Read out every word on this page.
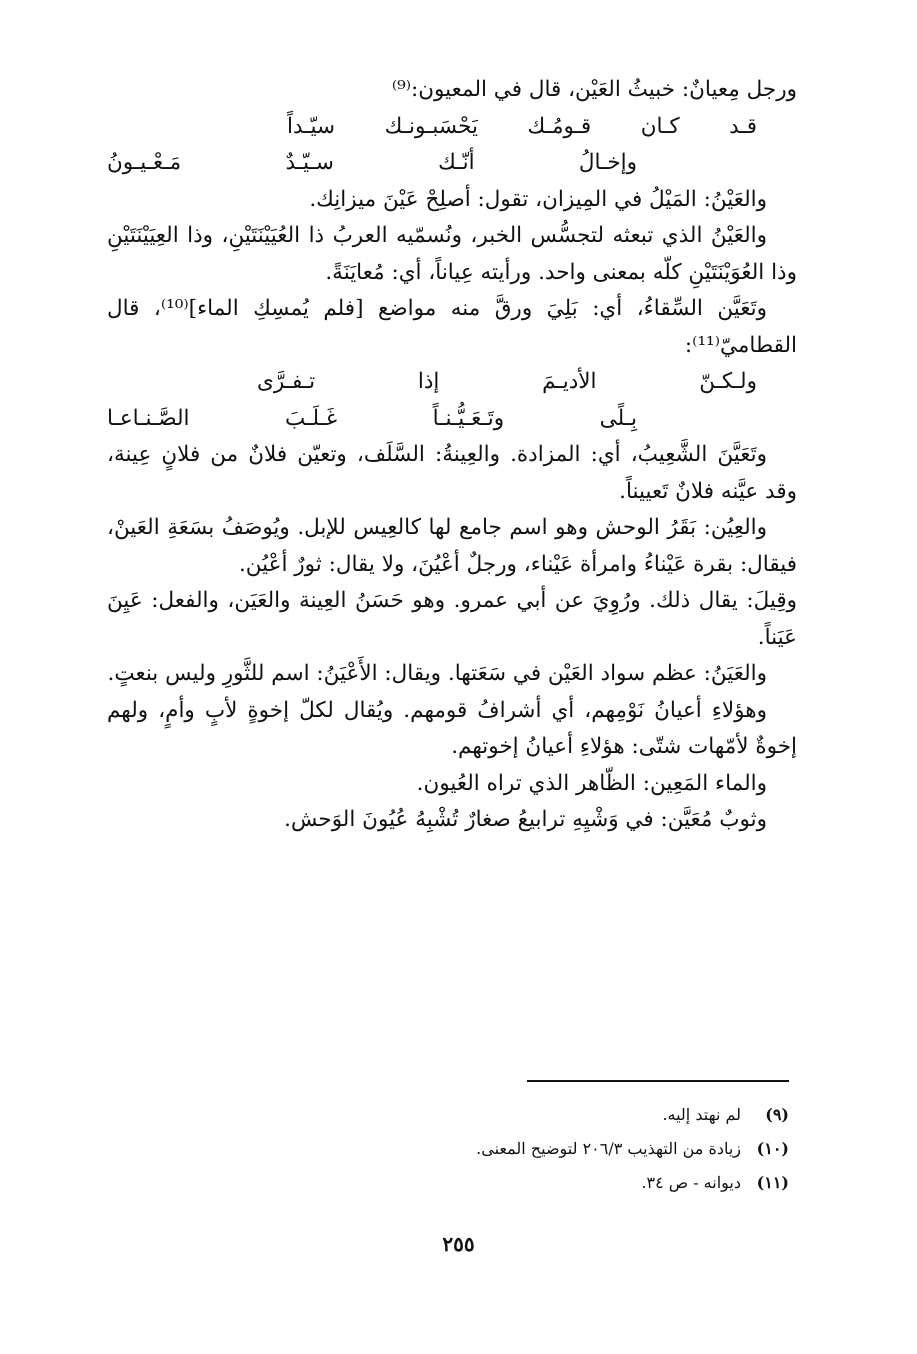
ورجل مِعيانٌ: خبيثُ العَيْن، قال في المعيون:⁽⁹⁾

قـد كـان قـومُـك يَحْسَبـونـك سيّـداً

وإخـالُ أنّـك سـيّـدٌ مَـعْـيـونُ

والعَيْنُ: المَيْلُ في المِيزان، تقول: أصلِحْ عَيْنَ ميزانِك.

والعَيْنُ الذي تبعثه لتجسُّس الخبر، ونُسمّيه العربُ ذا العُيَيْنَتَيْنِ، وذا العِيَيْنَتَيْنِ وذا العُوَيْنَتَيْنِ كلّه بمعنى واحد. ورأيته عِياناً، أي: مُعايَنَةً.

وتَعَيَّن السِّقاءُ، أي: بَلِيَ ورقَّ منه مواضع [فلم يُمسِكِ الماء]⁽¹⁰⁾، قال القطاميّ⁽¹¹⁾:

ولـكـنّ الأديـمَ إذا تـفـرَّى

بِـلًى وتَـعَـيُّـنـاً غَـلَـبَ الصَّـنـاعـا

وتَعَيَّنَ الشَّعِيبُ، أي: المزادة. والعِينةُ: السَّلَف، وتعيّن فلانٌ من فلانٍ عِينة، وقد عيَّنه فلانٌ تَعييناً.

والعِيُن: بَقَرُ الوحش وهو اسم جامع لها كالعِيس للإبل. ويُوصَفُ بسَعَةِ العَينْ، فيقال: بقرة عَيْناءُ وامرأة عَيْناء، ورجلٌ أعْيُنَ، ولا يقال: ثورٌ أعْيُن.

وقِيلَ: يقال ذلك. ورُوِيَ عن أبي عمرو. وهو حَسَنُ العِينة والعَيَن، والفعل: عَيِنَ عَيَناً.

والعَيَنُ: عظم سواد العَيْن في سَعَتها. ويقال: الأَعْيَنُ: اسم للثَّورِ وليس بنعتٍ.

وهؤلاءِ أعيانُ نَوْمِهم، أي أشرافُ قومهم. ويُقال لكلّ إخوةٍ لأبٍ وأمٍ، ولهم إخوةٌ لأمّهات شتّى: هؤلاءِ أعيانُ إخوتهم.

والماء المَعِين: الظّاهر الذي تراه العُيون.

وثوبٌ مُعَيَّن: في وَشْيِهِ ترابيعُ صغارٌ تُشْبِهُ عُيُونَ الوَحش.

(٩)
لم نهتد إليه.

(١٠)
زيادة من التهذيب ٢٠٦/٣ لتوضيح المعنى.

(١١)
ديوانه - ص ٣٤.

٢٥٥
